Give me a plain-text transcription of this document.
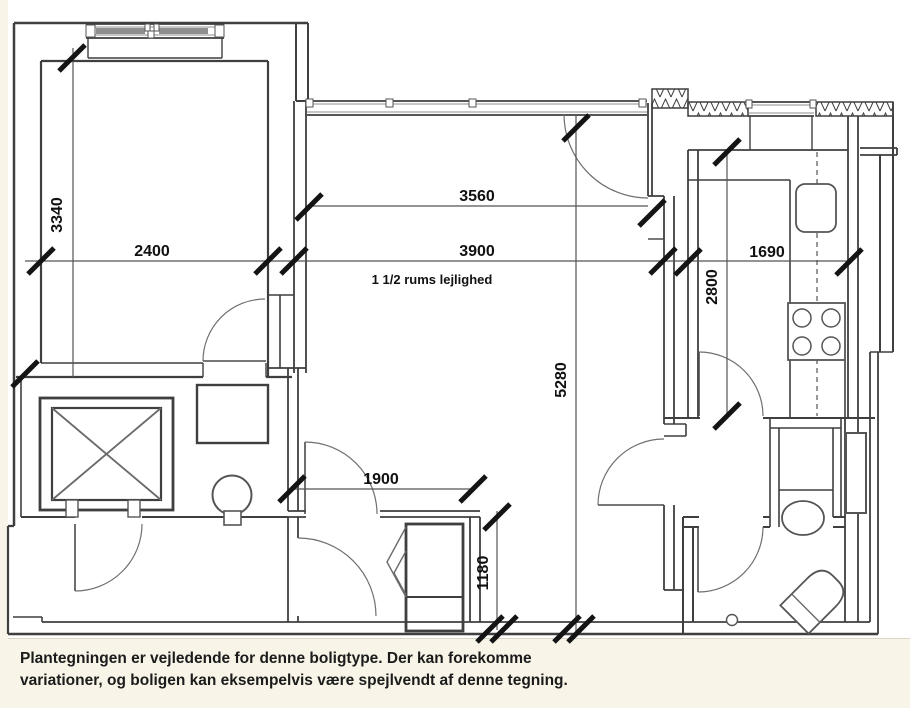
2400	3900	1690
3560
1900
3340
5280
2800
1180
1 1/2 rums lejlighed
Plantegningen er vejledende for denne boligtype. Der kan forekomme
variationer, og boligen kan eksempelvis være spejlvendt af denne tegning.
